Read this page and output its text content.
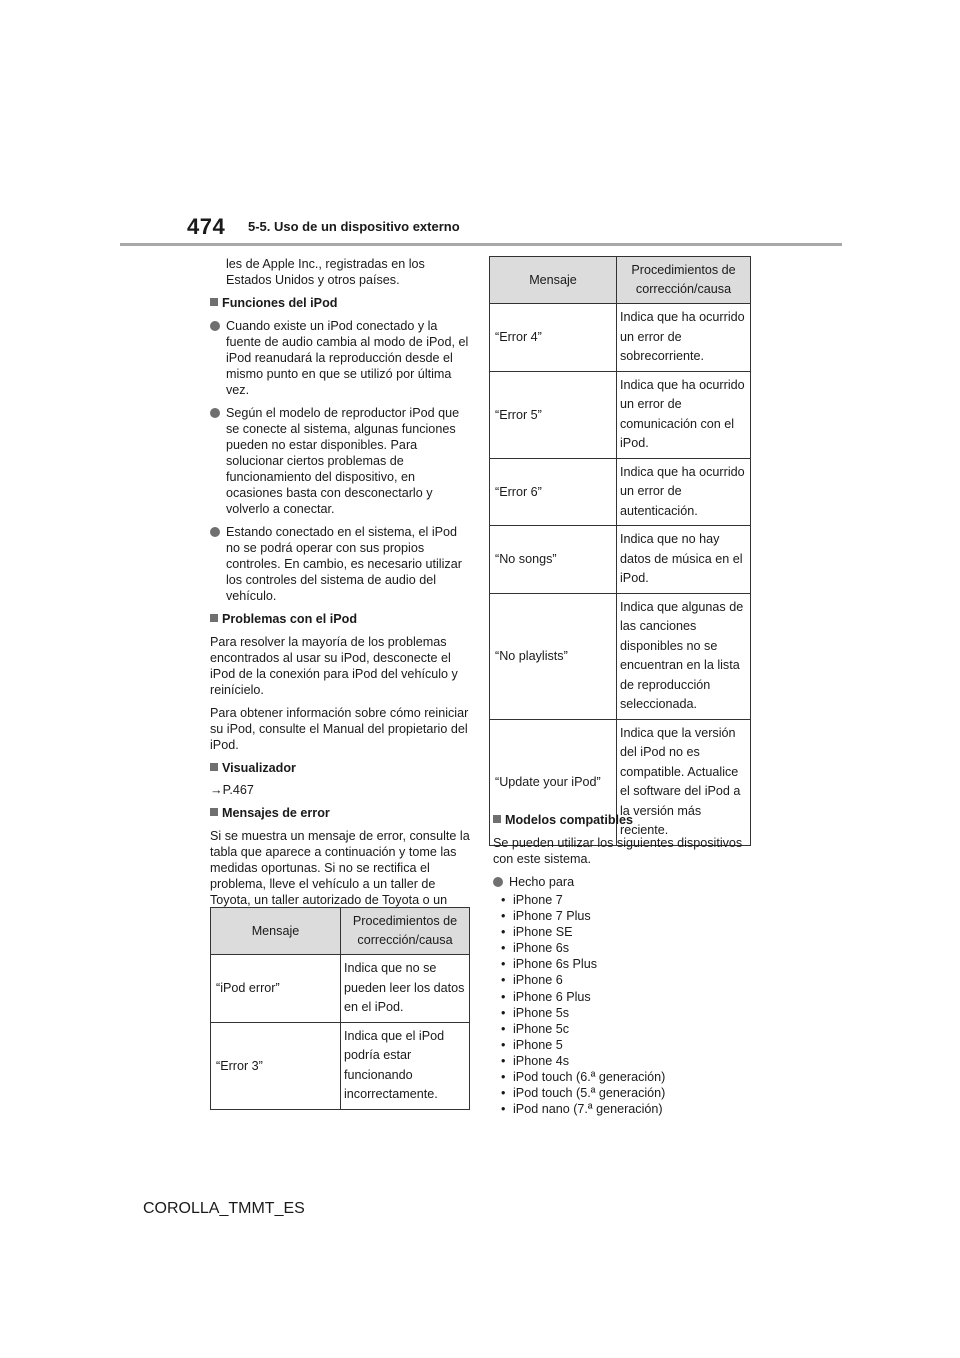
474 5-5. Uso de un dispositivo externo

les de Apple Inc., registradas en los Estados Unidos y otros países.

Funciones del iPod

Cuando existe un iPod conectado y la fuente de audio cambia al modo de iPod, el iPod reanudará la reproducción desde el mismo punto en que se utilizó por última vez.
Según el modelo de reproductor iPod que se conecte al sistema, algunas funciones pueden no estar disponibles. Para solucionar ciertos problemas de funcionamiento del dispositivo, en ocasiones basta con desconectarlo y volverlo a conectar.
Estando conectado en el sistema, el iPod no se podrá operar con sus propios controles. En cambio, es necesario utilizar los controles del sistema de audio del vehículo.

Problemas con el iPod

Para resolver la mayoría de los problemas encontrados al usar su iPod, desconecte el iPod de la conexión para iPod del vehículo y reinícielo.

Para obtener información sobre cómo reiniciar su iPod, consulte el Manual del propietario del iPod.

Visualizador

→P.467

Mensajes de error

Si se muestra un mensaje de error, consulte la tabla que aparece a continuación y tome las medidas oportunas. Si no se rectifica el problema, lleve el vehículo a un taller de Toyota, un taller autorizado de Toyota o un

Mensaje	Procedimientos de corrección/causa
“iPod error”	Indica que no se pueden leer los datos en el iPod.
“Error 3”	Indica que el iPod podría estar funcionando incorrectamente.
Mensaje	Procedimientos de corrección/causa
“Error 4”	Indica que ha ocurrido un error de sobrecorriente.
“Error 5”	Indica que ha ocurrido un error de comunicación con el iPod.
“Error 6”	Indica que ha ocurrido un error de autenticación.
“No songs”	Indica que no hay datos de música en el iPod.
“No playlists”	Indica que algunas de las canciones disponibles no se encuentran en la lista de reproducción seleccionada.
“Update your iPod”	Indica que la versión del iPod no es compatible. Actualice el software del iPod a la versión más reciente.

Modelos compatibles

Se pueden utilizar los siguientes dispositivos con este sistema.

Hecho para
• iPhone 7
• iPhone 7 Plus
• iPhone SE
• iPhone 6s
• iPhone 6s Plus
• iPhone 6
• iPhone 6 Plus
• iPhone 5s
• iPhone 5c
• iPhone 5
• iPhone 4s
• iPod touch (6.ª generación)
• iPod touch (5.ª generación)
• iPod nano (7.ª generación)
COROLLA_TMMT_ES
